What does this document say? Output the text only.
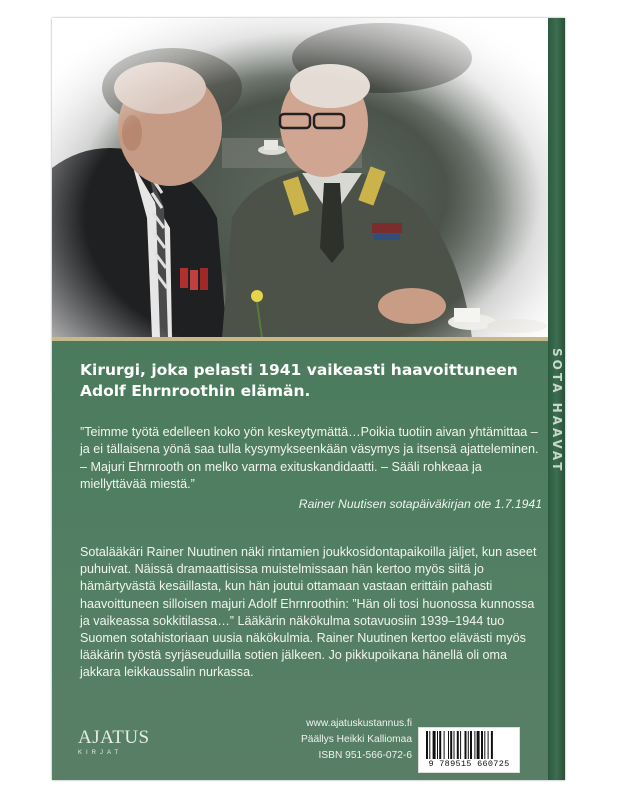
SOTA HAAVAT

Kirurgi, joka pelasti 1941 vaikeasti haavoittuneen Adolf Ehrnroothin elämän.

”Teimme työtä edelleen koko yön keskeytymättä…Poikia tuotiin aivan yhtämittaa – ja ei tällaisena yönä saa tulla kysymykseenkään väsymys ja itsensä ajatteleminen. – Majuri Ehrnrooth on melko varma exituskandidaatti. – Sääli rohkeaa ja miellyttävää miestä.”

Rainer Nuutisen sotapäiväkirjan ote 1.7.1941

Sotalääkäri Rainer Nuutinen näki rintamien joukkosidontapaikoilla jäljet, kun aseet puhuivat. Näissä dramaattisissa muistelmissaan hän kertoo myös siitä jo hämärtyvästä kesäillasta, kun hän joutui ottamaan vastaan erittäin pahasti haavoittuneen silloisen majuri Adolf Ehrnroothin: ”Hän oli tosi huonossa kunnossa ja vaikeassa sokkitilassa…” Lääkärin näkökulma sotavuosiin 1939–1944 tuo Suomen sotahistoriaan uusia näkökulmia. Rainer Nuutinen kertoo elävästi myös lääkärin työstä syrjäseuduilla sotien jälkeen. Jo pikkupoikana hänellä oli oma jakkara leikkaussalin nurkassa.

AJATUS
KIRJAT
www.ajatuskustannus.fi
Päällys Heikki Kalliomaa
ISBN 951-566-072-6
9 789515 660725
